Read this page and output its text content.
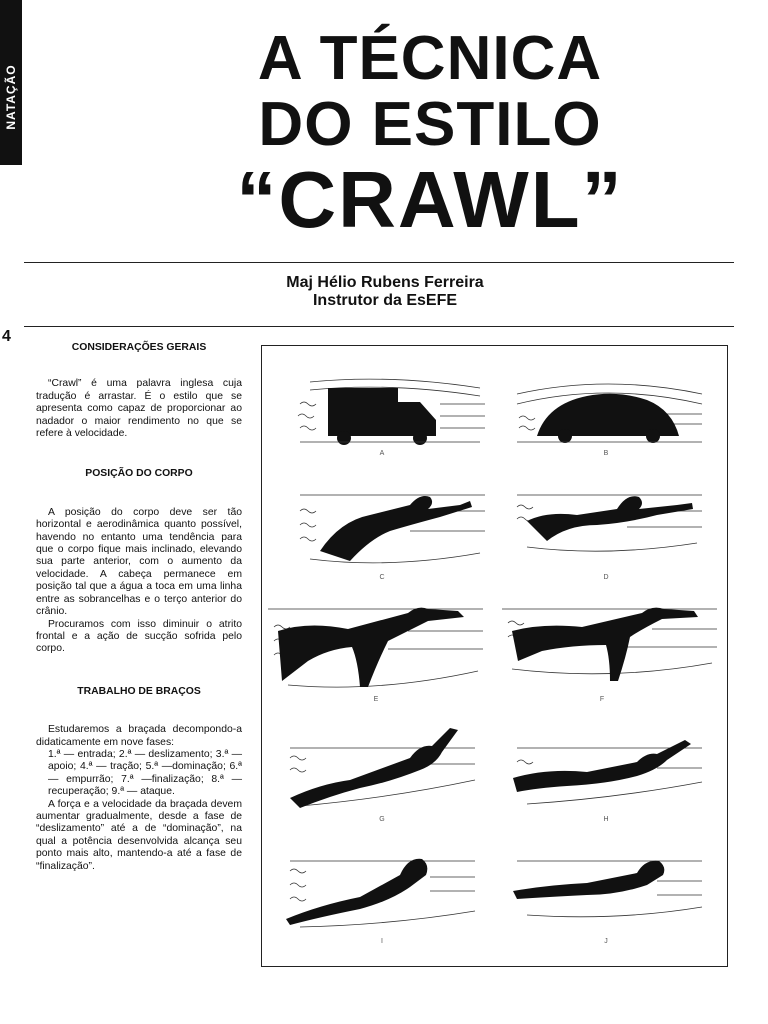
NATAÇÃO
A TÉCNICA
DO ESTILO
“CRAWL”
Maj Hélio Rubens Ferreira
Instrutor da EsEFE
4
CONSIDERAÇÕES GERAIS

“Crawl” é uma palavra inglesa cuja tradução é arrastar. É o estilo que se apresenta como capaz de proporcionar ao nadador o maior rendimento no que se refere à velocidade.

POSIÇÃO DO CORPO

A posição do corpo deve ser tão horizontal e aerodinâmica quanto possível, havendo no entanto uma tendência para que o corpo fique mais inclinado, elevando sua parte anterior, com o aumento da velocidade. A cabeça permanece em posição tal que a água a toca em uma linha entre as sobrancelhas e o terço anterior do crânio.

Procuramos com isso diminuir o atrito frontal e a ação de sucção sofrida pelo corpo.

TRABALHO DE BRAÇOS

Estudaremos a braçada decompondo-a didaticamente em nove fases:

1.ª — entrada; 2.ª — deslizamento; 3.ª — apoio; 4.ª — tração; 5.ª —dominação; 6.ª — empurrão; 7.ª —finalização; 8.ª — recuperação; 9.ª — ataque.

A força e a velocidade da braçada devem aumentar gradualmente, desde a fase de “deslizamento” até a de “dominação”, na qual a potência desenvolvida alcança seu ponto mais alto, mantendo-a até a fase de “finalização”.

A	B
C	D
E	F
G	H
I	J
